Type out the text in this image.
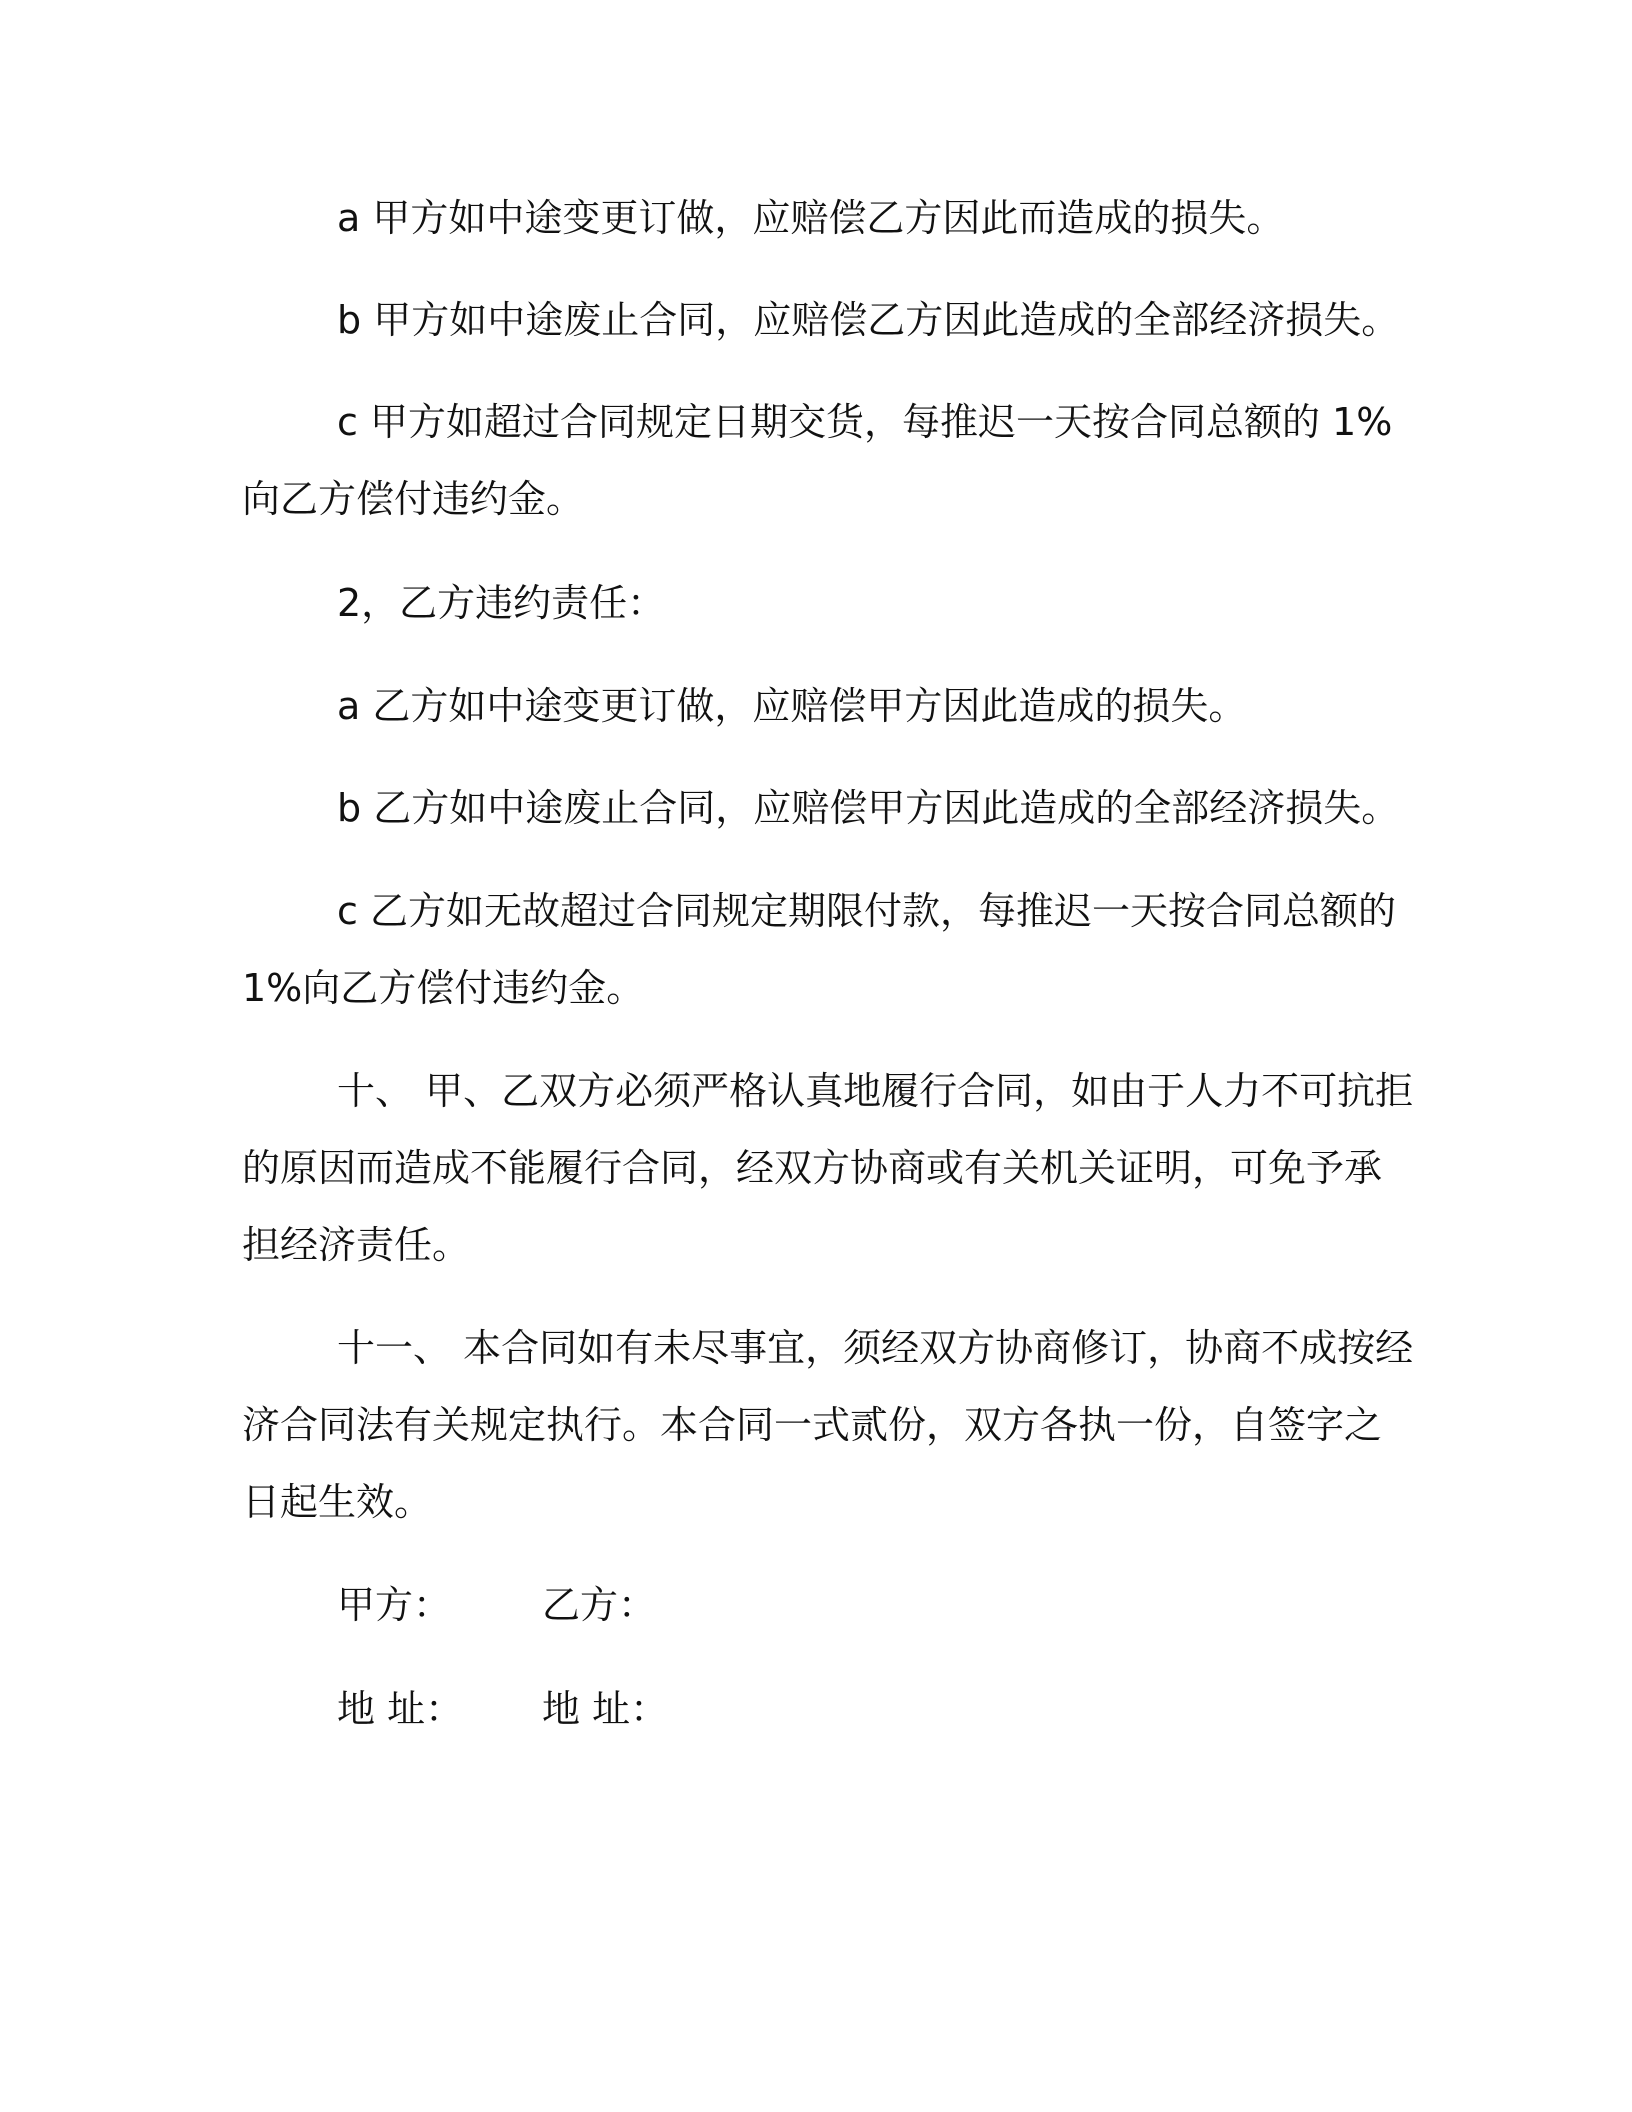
a 甲方如中途变更订做，应赔偿乙方因此而造成的损失。
b 甲方如中途废止合同，应赔偿乙方因此造成的全部经济损失。
c 甲方如超过合同规定日期交货，每推迟一天按合同总额的 1%
向乙方偿付违约金。
2，乙方违约责任：
a 乙方如中途变更订做，应赔偿甲方因此造成的损失。
b 乙方如中途废止合同，应赔偿甲方因此造成的全部经济损失。
c 乙方如无故超过合同规定期限付款，每推迟一天按合同总额的
1%向乙方偿付违约金。
十、 甲、乙双方必须严格认真地履行合同，如由于人力不可抗拒
的原因而造成不能履行合同，经双方协商或有关机关证明，可免予承
担经济责任。
十一、 本合同如有未尽事宜，须经双方协商修订，协商不成按经
济合同法有关规定执行。本合同一式贰份，双方各执一份，自签字之
日起生效。
甲方： 乙方：
地 址： 地 址：
